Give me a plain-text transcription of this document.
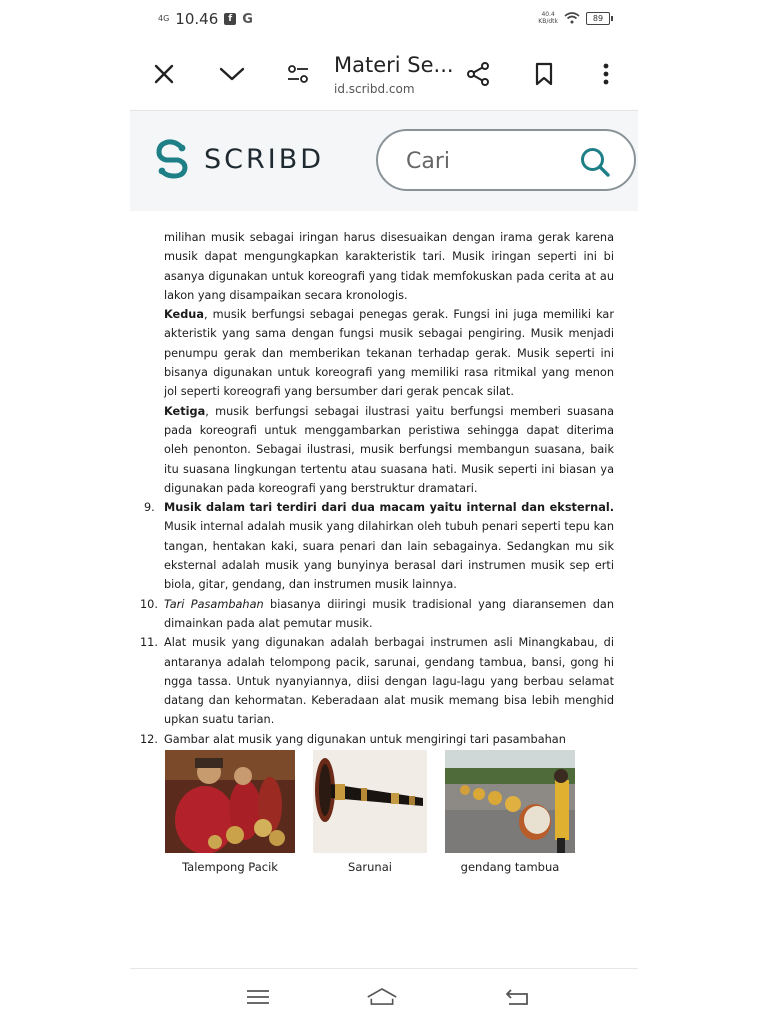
4G 10.46	f G	40.4
KB/dtk	89
Materi Se...
id.scribd.com
SCRIBD
Cari

milihan musik sebagai iringan harus disesuaikan dengan irama gerak karena musik dapat mengungkapkan karakteristik tari. Musik iringan seperti ini bi asanya digunakan untuk koreografi yang tidak memfokuskan pada cerita at au lakon yang disampaikan secara kronologis.

Kedua, musik berfungsi sebagai penegas gerak. Fungsi ini juga memiliki kar akteristik yang sama dengan fungsi musik sebagai pengiring. Musik menjadi penumpu gerak dan memberikan tekanan terhadap gerak. Musik seperti ini bisanya digunakan untuk koreografi yang memiliki rasa ritmikal yang menon jol seperti koreografi yang bersumber dari gerak pencak silat.

Ketiga, musik berfungsi sebagai ilustrasi yaitu berfungsi memberi suasana pada koreografi untuk menggambarkan peristiwa sehingga dapat diterima oleh penonton. Sebagai ilustrasi, musik berfungsi membangun suasana, baik itu suasana lingkungan tertentu atau suasana hati. Musik seperti ini biasan ya digunakan pada koreografi yang berstruktur dramatari.

9. Musik dalam tari terdiri dari dua macam yaitu internal dan eksternal. Musik internal adalah musik yang dilahirkan oleh tubuh penari seperti tepu kan tangan, hentakan kaki, suara penari dan lain sebagainya. Sedangkan mu sik eksternal adalah musik yang bunyinya berasal dari instrumen musik sep erti biola, gitar, gendang, dan instrumen musik lainnya.

10. Tari Pasambahan biasanya diiringi musik tradisional yang diaransemen dan dimainkan pada alat pemutar musik.

11. Alat musik yang digunakan adalah berbagai instrumen asli Minangkabau, di antaranya adalah telompong pacik, sarunai, gendang tambua, bansi, gong hi ngga tassa. Untuk nyanyiannya, diisi dengan lagu-lagu yang berbau selamat datang dan kehormatan. Keberadaan alat musik memang bisa lebih menghid upkan suatu tarian.

12. Gambar alat musik yang digunakan untuk mengiringi tari pasambahan

Talempong Pacik	Sarunai	gendang tambua
